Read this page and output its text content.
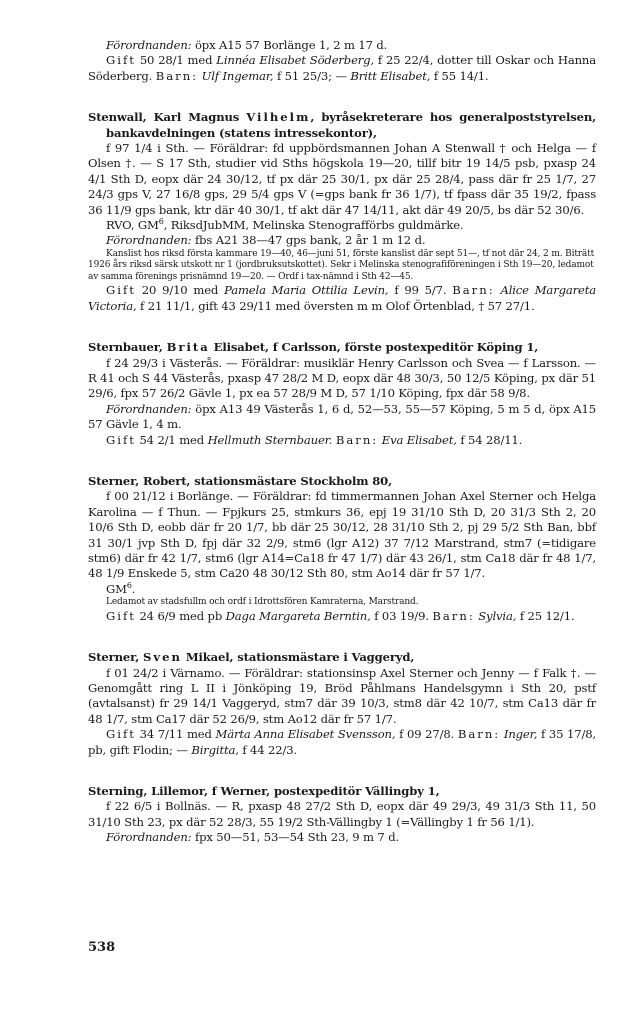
Förordnanden: öpx A15 57 Borlänge 1, 2 m 17 d.

Gift 50 28/1 med Linnéa Elisabet Söderberg, f 25 22/4, dotter till Oskar och Hanna Söderberg. Barn: Ulf Ingemar, f 51 25/3; — Britt Elisabet, f 55 14/1.

Stenwall, Karl Magnus Vilhelm, byråsekreterare hos generalpoststyrelsen, bankavdelningen (statens intressekontor),

f 97 1/4 i Sth. — Föräldrar: fd uppbördsmannen Johan A Stenwall † och Helga — f Olsen †. — S 17 Sth, studier vid Sths högskola 19—20, tillf bitr 19 14/5 psb, pxasp 24 4/1 Sth D, eopx där 24 30/12, tf px där 25 30/1, px där 25 28/4, pass där fr 25 1/7, 27 24/3 gps V, 27 16/8 gps, 29 5/4 gps V (=gps bank fr 36 1/7), tf fpass där 35 19/2, fpass 36 11/9 gps bank, ktr där 40 30/1, tf akt där 47 14/11, akt där 49 20/5, bs där 52 30/6.

RVO, $GM^6$, RiksdJubMM, Melinska Stenografförbs guldmärke.

Förordnanden: fbs A21 38—47 gps bank, 2 år 1 m 12 d.

Kanslist hos riksd första kammare 19—40, 46—juni 51, förste kanslist där sept 51—, tf not där 24, 2 m. Biträtt 1926 års riksd särsk utskott nr 1 (jordbruksutskottet). Sekr i Melinska stenografiföreningen i Sth 19—20, ledamot av samma förenings prisnämnd 19—20. — Ordf i tax-nämnd i Sth 42—45.

Gift 20 9/10 med Pamela Maria Ottilia Levin, f 99 5/7. Barn: Alice Margareta Victoria, f 21 11/1, gift 43 29/11 med översten m m Olof Örtenblad, † 57 27/1.

Sternbauer, Brita Elisabet, f Carlsson, förste postexpeditör Köping 1,

f 24 29/3 i Västerås. — Föräldrar: musiklär Henry Carlsson och Svea — f Larsson. — R 41 och S 44 Västerås, pxasp 47 28/2 M D, eopx där 48 30/3, 50 12/5 Köping, px där 51 29/6, fpx 57 26/2 Gävle 1, px ea 57 28/9 M D, 57 1/10 Köping, fpx där 58 9/8.

Förordnanden: öpx A13 49 Västerås 1, 6 d, 52—53, 55—57 Köping, 5 m 5 d, öpx A15 57 Gävle 1, 4 m.

Gift 54 2/1 med Hellmuth Sternbauer. Barn: Eva Elisabet, f 54 28/11.

Sterner, Robert, stationsmästare Stockholm 80,

f 00 21/12 i Borlänge. — Föräldrar: fd timmermannen Johan Axel Sterner och Helga Karolina — f Thun. — Fpjkurs 25, stmkurs 36, epj 19 31/10 Sth D, 20 31/3 Sth 2, 20 10/6 Sth D, eobb där fr 20 1/7, bb där 25 30/12, 28 31/10 Sth 2, pj 29 5/2 Sth Ban, bbf 31 30/1 jvp Sth D, fpj där 32 2/9, stm6 (lgr A12) 37 7/12 Marstrand, stm7 (=tidigare stm6) där fr 42 1/7, stm6 (lgr A14=Ca18 fr 47 1/7) där 43 26/1, stm Ca18 där fr 48 1/7, 48 1/9 Enskede 5, stm Ca20 48 30/12 Sth 80, stm Ao14 där fr 57 1/7.

$GM^6$.

Ledamot av stadsfullm och ordf i Idrottsfören Kamraterna, Marstrand.

Gift 24 6/9 med pb Daga Margareta Berntin, f 03 19/9. Barn: Sylvia, f 25 12/1.

Sterner, Sven Mikael, stationsmästare i Vaggeryd,

f 01 24/2 i Värnamo. — Föräldrar: stationsinsp Axel Sterner och Jenny — f Falk †. — Genomgått ring L II i Jönköping 19, Bröd Påhlmans Handelsgymn i Sth 20, pstf (avtalsanst) fr 29 14/1 Vaggeryd, stm7 där 39 10/3, stm8 där 42 10/7, stm Ca13 där fr 48 1/7, stm Ca17 där 52 26/9, stm Ao12 där fr 57 1/7.

Gift 34 7/11 med Märta Anna Elisabet Svensson, f 09 27/8. Barn: Inger, f 35 17/8, pb, gift Flodin; — Birgitta, f 44 22/3.

Sterning, Lillemor, f Werner, postexpeditör Vällingby 1,

f 22 6/5 i Bollnäs. — R, pxasp 48 27/2 Sth D, eopx där 49 29/3, 49 31/3 Sth 11, 50 31/10 Sth 23, px där 52 28/3, 55 19/2 Sth-Vällingby 1 (=Vällingby 1 fr 56 1/1).

Förordnanden: fpx 50—51, 53—54 Sth 23, 9 m 7 d.

538
